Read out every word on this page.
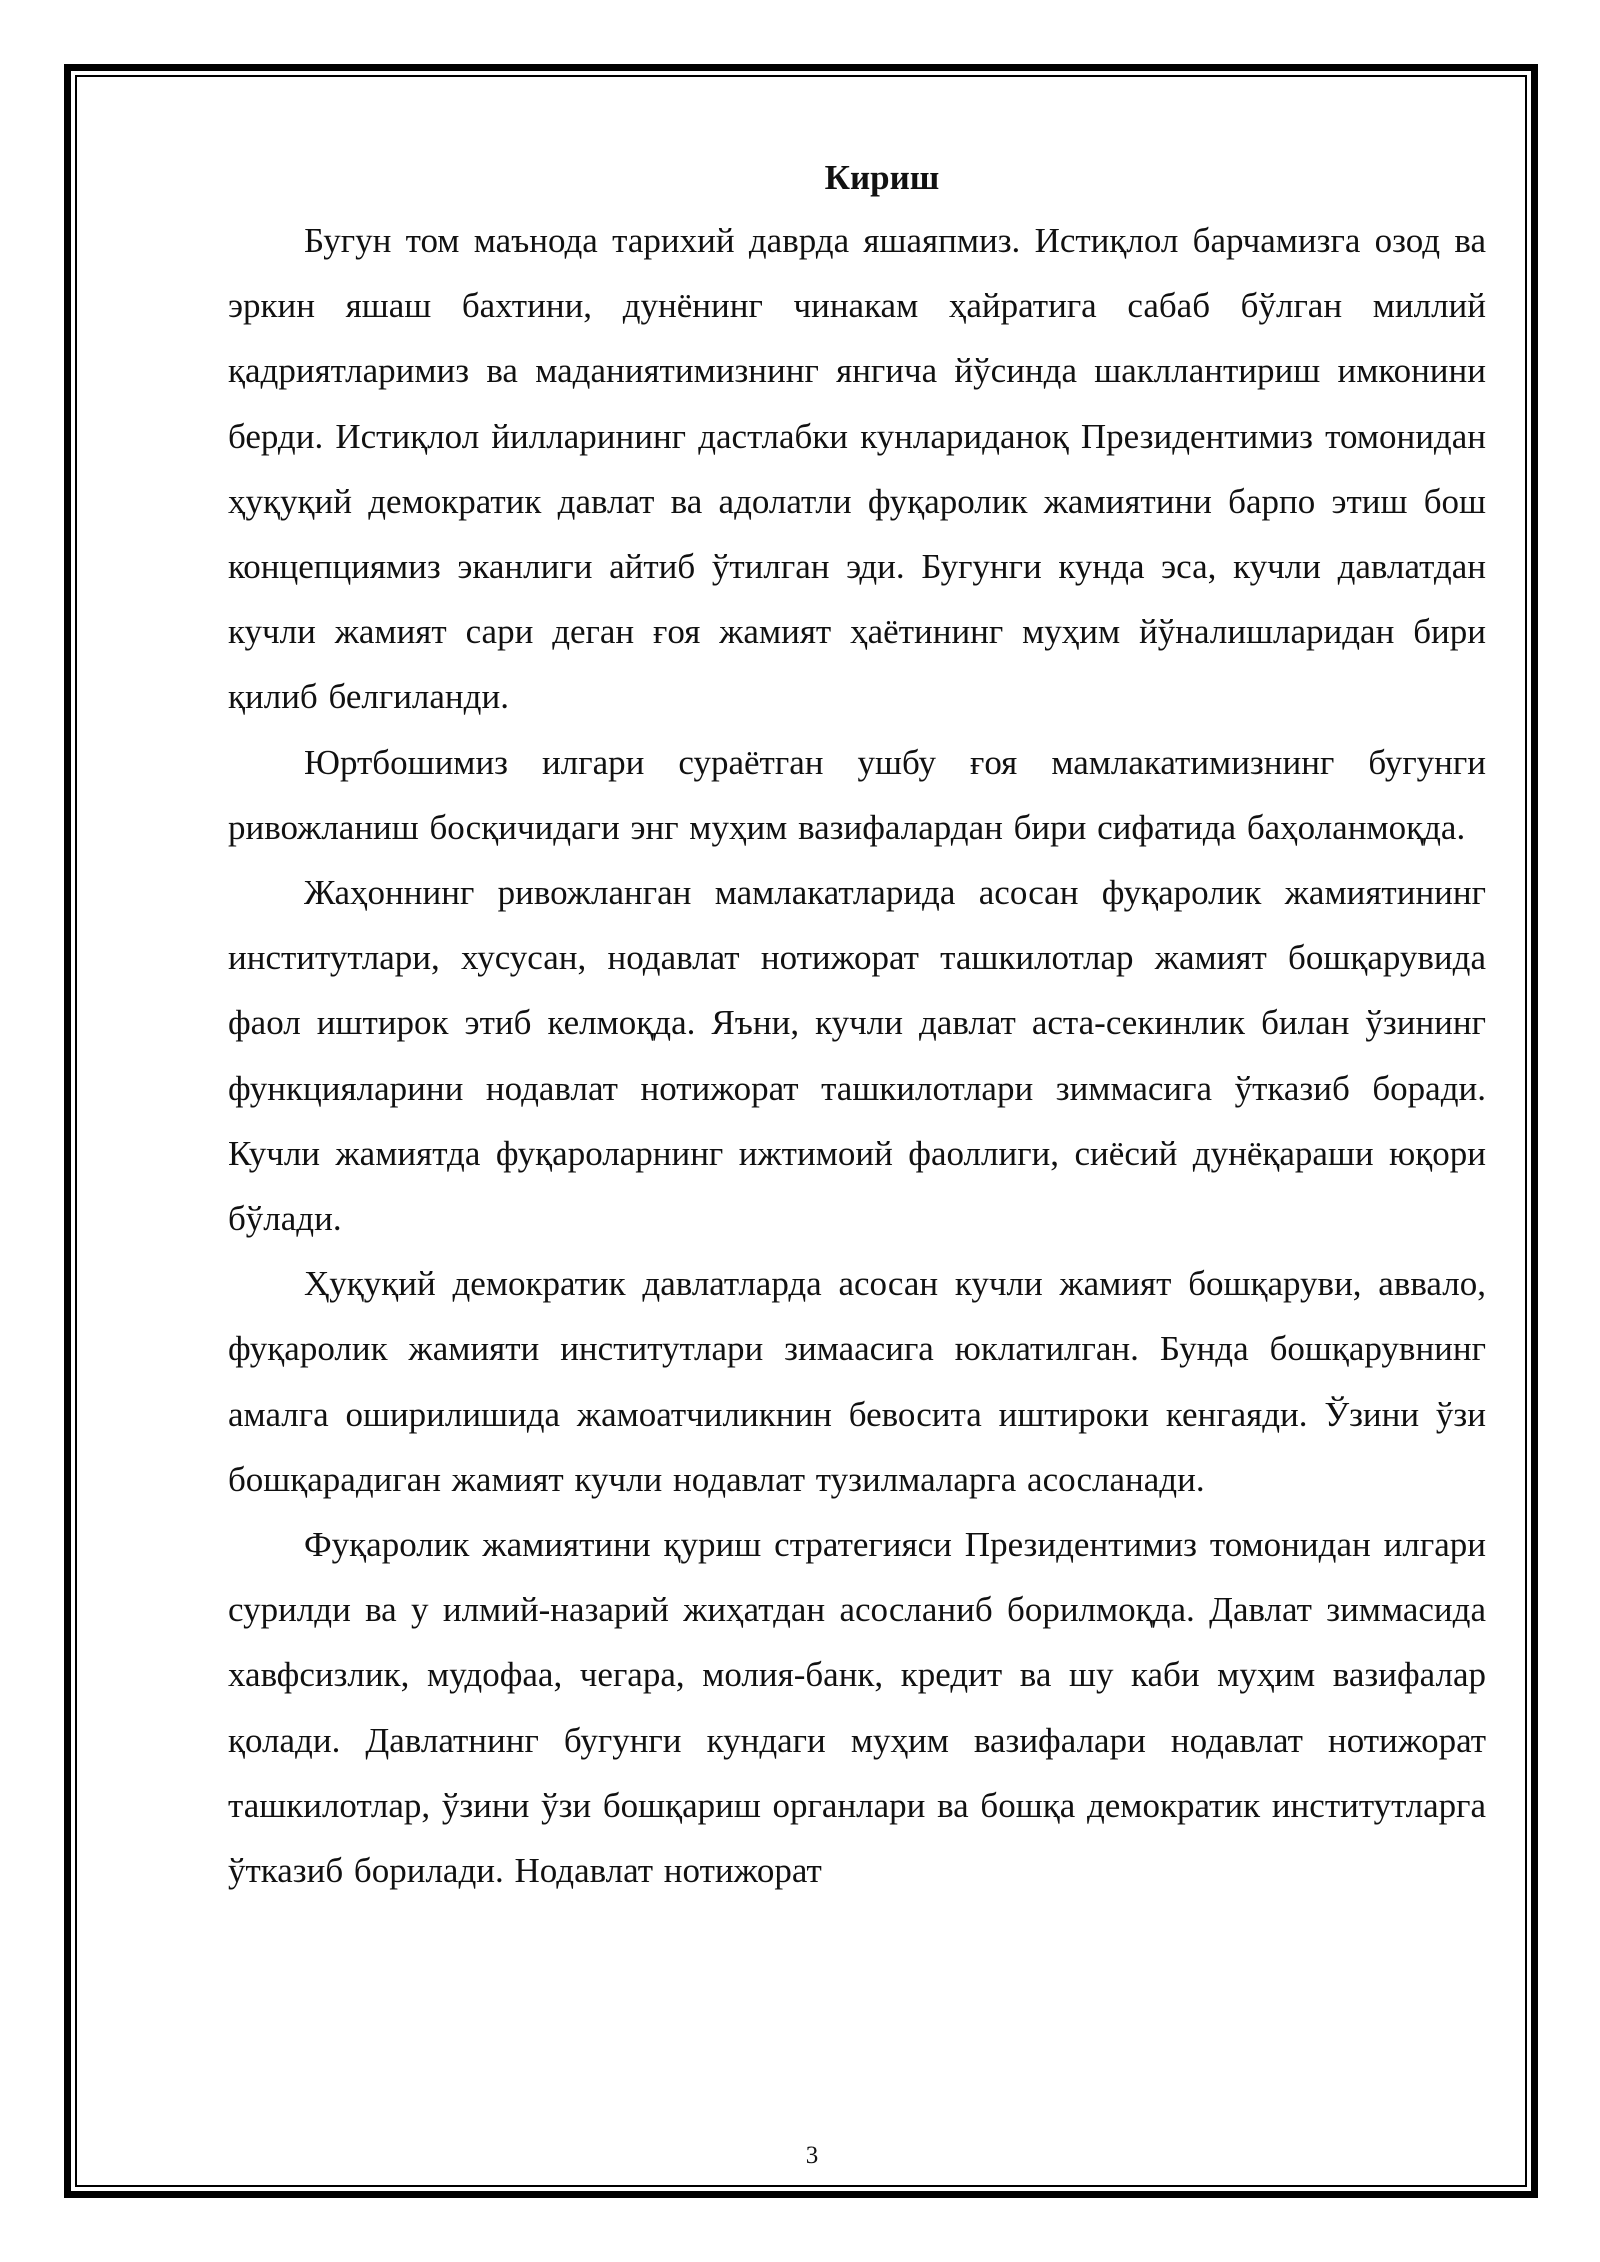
Кириш

Бугун том маънода тарихий даврда яшаяпмиз. Истиқлол барчамизга озод ва эркин яшаш бахтини, дунёнинг чинакам ҳайратига сабаб бўлган миллий қадриятларимиз ва маданиятимизнинг янгича йўсинда шакллантириш имконини берди. Истиқлол йилларининг дастлабки кунлариданоқ Президентимиз томонидан ҳуқуқий демократик давлат ва адолатли фуқаролик жамиятини барпо этиш бош концепциямиз эканлиги айтиб ўтилган эди. Бугунги кунда эса, кучли давлатдан кучли жамият сари деган ғоя жамият ҳаётининг муҳим йўналишларидан бири қилиб белгиланди.

Юртбошимиз илгари сураётган ушбу ғоя мамлакатимизнинг бугунги ривожланиш босқичидаги энг муҳим вазифалардан бири сифатида баҳоланмоқда.

Жаҳоннинг ривожланган мамлакатларида асосан фуқаролик жамиятининг институтлари, хусусан, нодавлат нотижорат ташкилотлар жамият бошқарувида фаол иштирок этиб келмоқда. Яъни, кучли давлат аста-секинлик билан ўзининг функцияларини нодавлат нотижорат ташкилотлари зиммасига ўтказиб боради. Кучли жамиятда фуқароларнинг ижтимоий фаоллиги, сиёсий дунёқараши юқори бўлади.

Ҳуқуқий демократик давлатларда асосан кучли жамият бошқаруви, аввало, фуқаролик жамияти институтлари зимаасига юклатилган. Бунда бошқарувнинг амалга оширилишида жамоатчиликнин бевосита иштироки кенгаяди. Ўзини ўзи бошқарадиган жамият кучли нодавлат тузилмаларга асосланади.

Фуқаролик жамиятини қуриш стратегияси Президентимиз томонидан илгари сурилди ва у илмий-назарий жиҳатдан асосланиб борилмоқда. Давлат зиммасида хавфсизлик, мудофаа, чегара, молия-банк, кредит ва шу каби муҳим вазифалар қолади. Давлатнинг бугунги кундаги муҳим вазифалари нодавлат нотижорат ташкилотлар, ўзини ўзи бошқариш органлари ва бошқа демократик институтларга ўтказиб борилади. Нодавлат нотижорат

3
